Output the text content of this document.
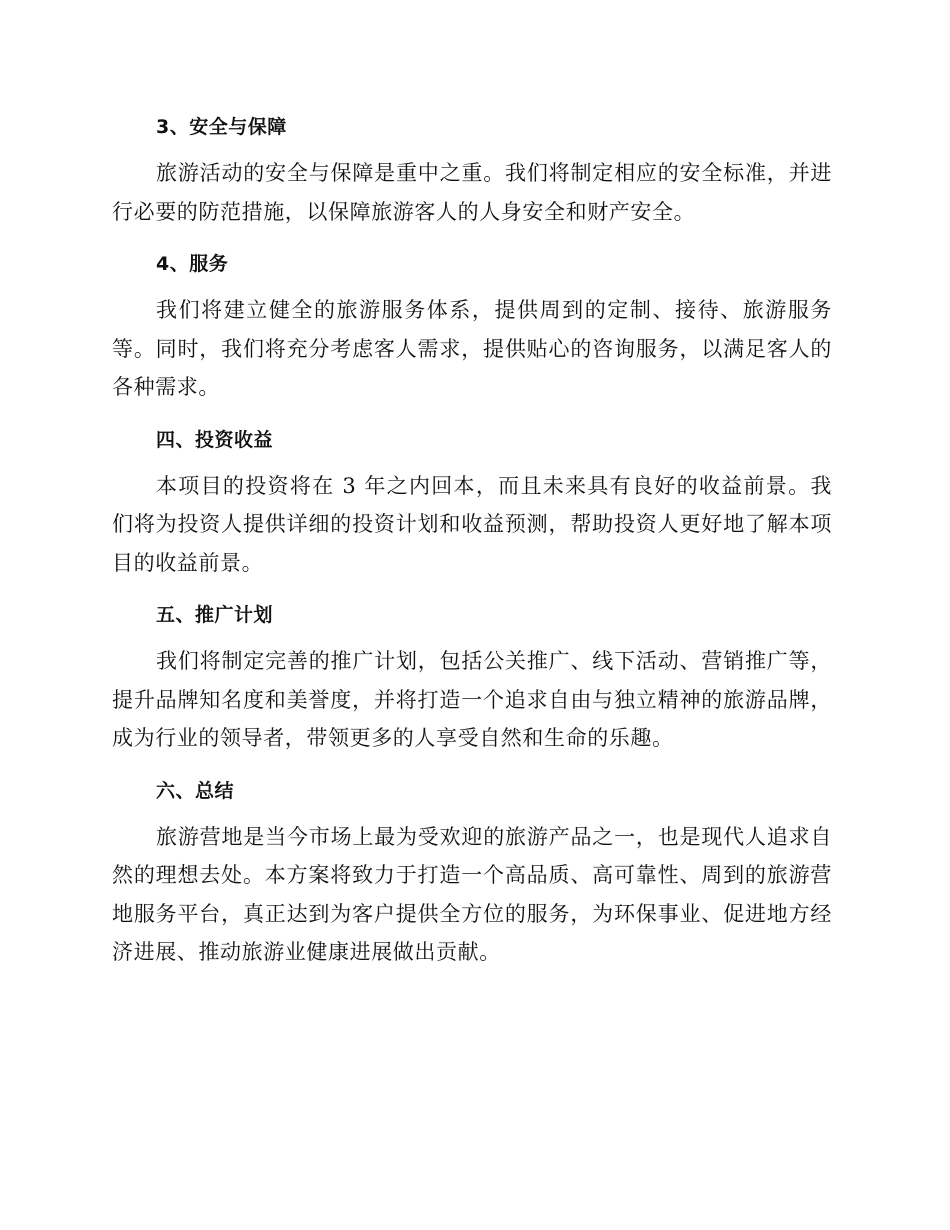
3、安全与保障

旅游活动的安全与保障是重中之重。我们将制定相应的安全标准，并进行必要的防范措施，以保障旅游客人的人身安全和财产安全。

4、服务

我们将建立健全的旅游服务体系，提供周到的定制、接待、旅游服务等。同时，我们将充分考虑客人需求，提供贴心的咨询服务，以满足客人的各种需求。

四、投资收益

本项目的投资将在 3 年之内回本，而且未来具有良好的收益前景。我们将为投资人提供详细的投资计划和收益预测，帮助投资人更好地了解本项目的收益前景。

五、推广计划

我们将制定完善的推广计划，包括公关推广、线下活动、营销推广等，提升品牌知名度和美誉度，并将打造一个追求自由与独立精神的旅游品牌，成为行业的领导者，带领更多的人享受自然和生命的乐趣。

六、总结

旅游营地是当今市场上最为受欢迎的旅游产品之一，也是现代人追求自然的理想去处。本方案将致力于打造一个高品质、高可靠性、周到的旅游营地服务平台，真正达到为客户提供全方位的服务，为环保事业、促进地方经济进展、推动旅游业健康进展做出贡献。
